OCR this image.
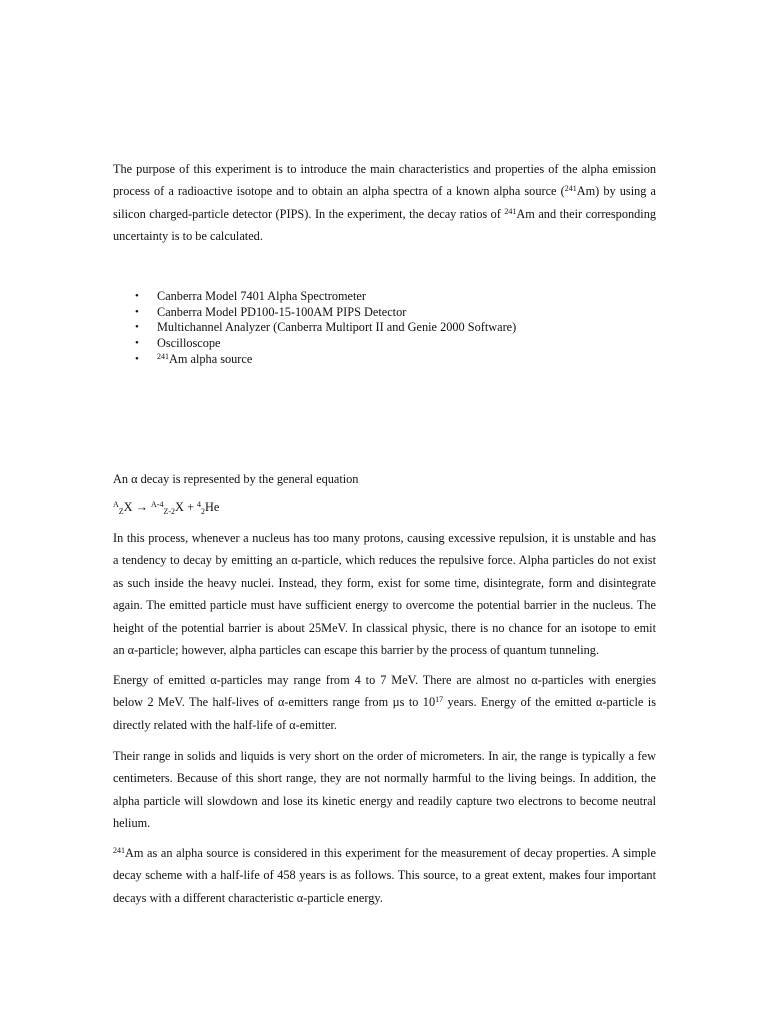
The purpose of this experiment is to introduce the main characteristics and properties of the alpha emission
process of a radioactive isotope and to obtain an alpha spectra of a known alpha source ($^{241}$Am) by using a
silicon charged-particle detector (PIPS). In the experiment, the decay ratios of $^{241}$Am and their corresponding
uncertainty is to be calculated.
• Canberra Model 7401 Alpha Spectrometer
• Canberra Model PD100-15-100AM PIPS Detector
• Multichannel Analyzer (Canberra Multiport II and Genie 2000 Software)
• Oscilloscope
• $^{241}$Am alpha source
An α decay is represented by the general equation
$^A_Z$X → $^{A-4}_{Z-2}$X + $^4_2$He
In this process, whenever a nucleus has too many protons, causing excessive repulsion, it is unstable and has
a tendency to decay by emitting an α-particle, which reduces the repulsive force. Alpha particles do not exist
as such inside the heavy nuclei. Instead, they form, exist for some time, disintegrate, form and disintegrate
again. The emitted particle must have sufficient energy to overcome the potential barrier in the nucleus. The
height of the potential barrier is about 25MeV. In classical physic, there is no chance for an isotope to emit
an α-particle; however, alpha particles can escape this barrier by the process of quantum tunneling.
Energy of emitted α-particles may range from 4 to 7 MeV. There are almost no α-particles with energies
below 2 MeV. The half-lives of α-emitters range from µs to $10^{17}$ years. Energy of the emitted α-particle is
directly related with the half-life of α-emitter.
Their range in solids and liquids is very short on the order of micrometers. In air, the range is typically a few
centimeters. Because of this short range, they are not normally harmful to the living beings. In addition, the
alpha particle will slowdown and lose its kinetic energy and readily capture two electrons to become neutral
helium.
$^{241}$Am as an alpha source is considered in this experiment for the measurement of decay properties. A simple
decay scheme with a half-life of 458 years is as follows. This source, to a great extent, makes four important
decays with a different characteristic α-particle energy.
